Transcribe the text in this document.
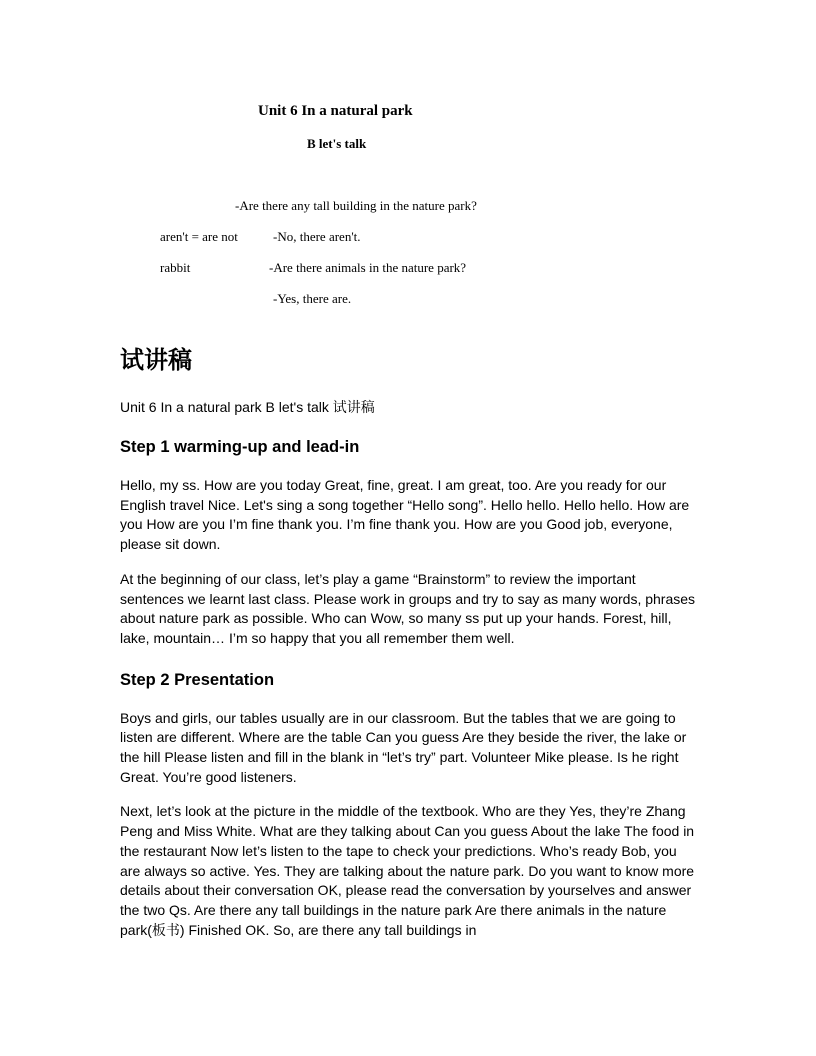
Unit 6 In a natural park
B let's talk
-Are there any tall building in the nature park?
aren't = are not	-No, there aren't.
rabbit	-Are there animals in the nature park?
-Yes, there are.
试讲稿
Unit 6 In a natural park B let's talk 试讲稿
Step 1 warming-up and lead-in

Hello, my ss. How are you today Great, fine, great. I am great, too. Are you ready for our English travel Nice. Let's sing a song together “Hello song”. Hello hello. Hello hello. How are you How are you I’m fine thank you. I’m fine thank you. How are you Good job, everyone, please sit down.

At the beginning of our class, let’s play a game “Brainstorm” to review the important sentences we learnt last class. Please work in groups and try to say as many words, phrases about nature park as possible. Who can Wow, so many ss put up your hands. Forest, hill, lake, mountain… I’m so happy that you all remember them well.

Step 2 Presentation

Boys and girls, our tables usually are in our classroom. But the tables that we are going to listen are different. Where are the table Can you guess Are they beside the river, the lake or the hill Please listen and fill in the blank in “let’s try” part. Volunteer Mike please. Is he right Great. You’re good listeners.

Next, let’s look at the picture in the middle of the textbook. Who are they Yes, they’re Zhang Peng and Miss White. What are they talking about Can you guess About the lake The food in the restaurant Now let’s listen to the tape to check your predictions. Who’s ready Bob, you are always so active. Yes. They are talking about the nature park. Do you want to know more details about their conversation OK, please read the conversation by yourselves and answer the two Qs. Are there any tall buildings in the nature park Are there animals in the nature park(板书) Finished OK. So, are there any tall buildings in
